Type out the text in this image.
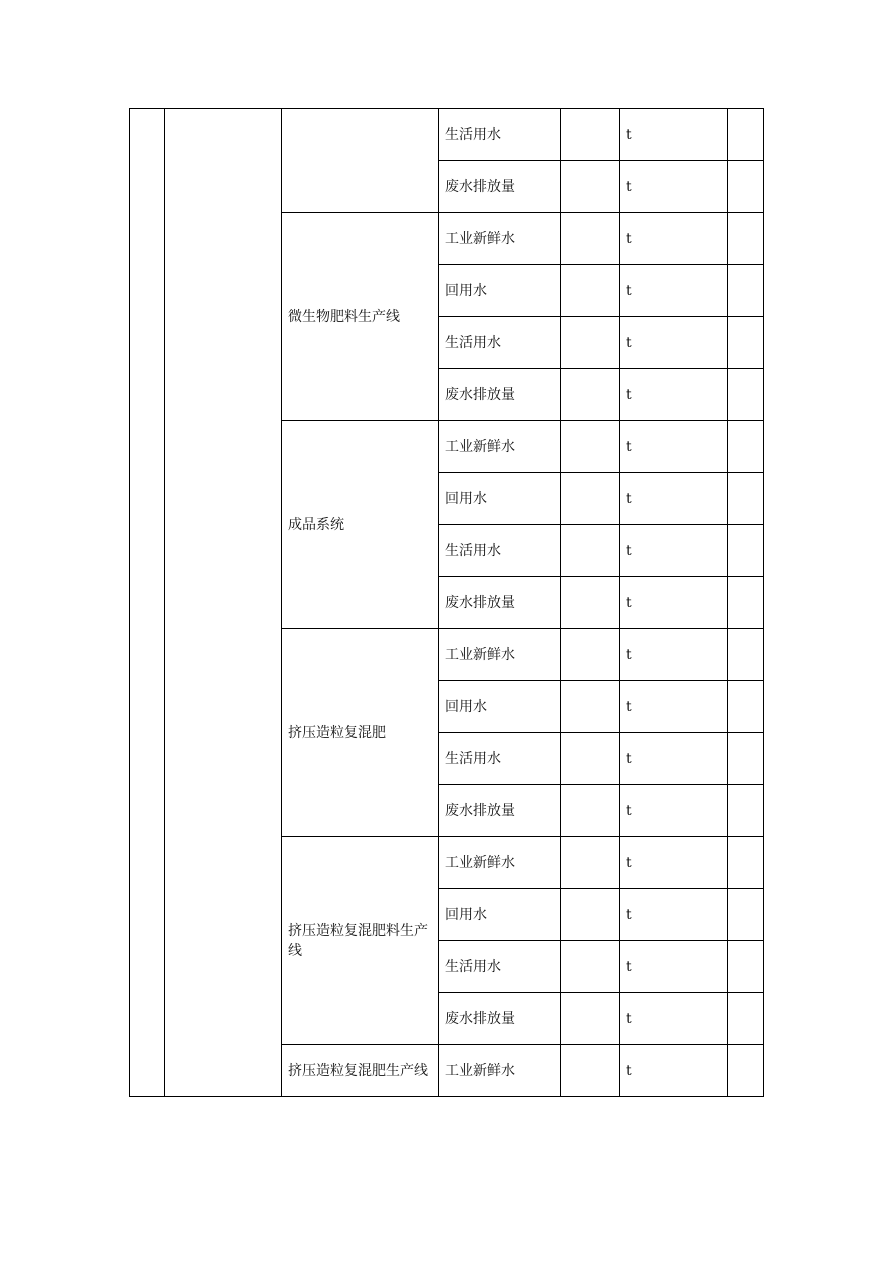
			生活用水		t	
			废水排放量		t	
		微生物肥料生产线	工业新鲜水		t	
			回用水		t	
			生活用水		t	
			废水排放量		t	
		成品系统	工业新鲜水		t	
			回用水		t	
			生活用水		t	
			废水排放量		t	
		挤压造粒复混肥	工业新鲜水		t	
			回用水		t	
			生活用水		t	
			废水排放量		t	
		挤压造粒复混肥料生产线	工业新鲜水		t	
			回用水		t	
			生活用水		t	
			废水排放量		t	
		挤压造粒复混肥生产线	工业新鲜水		t	
